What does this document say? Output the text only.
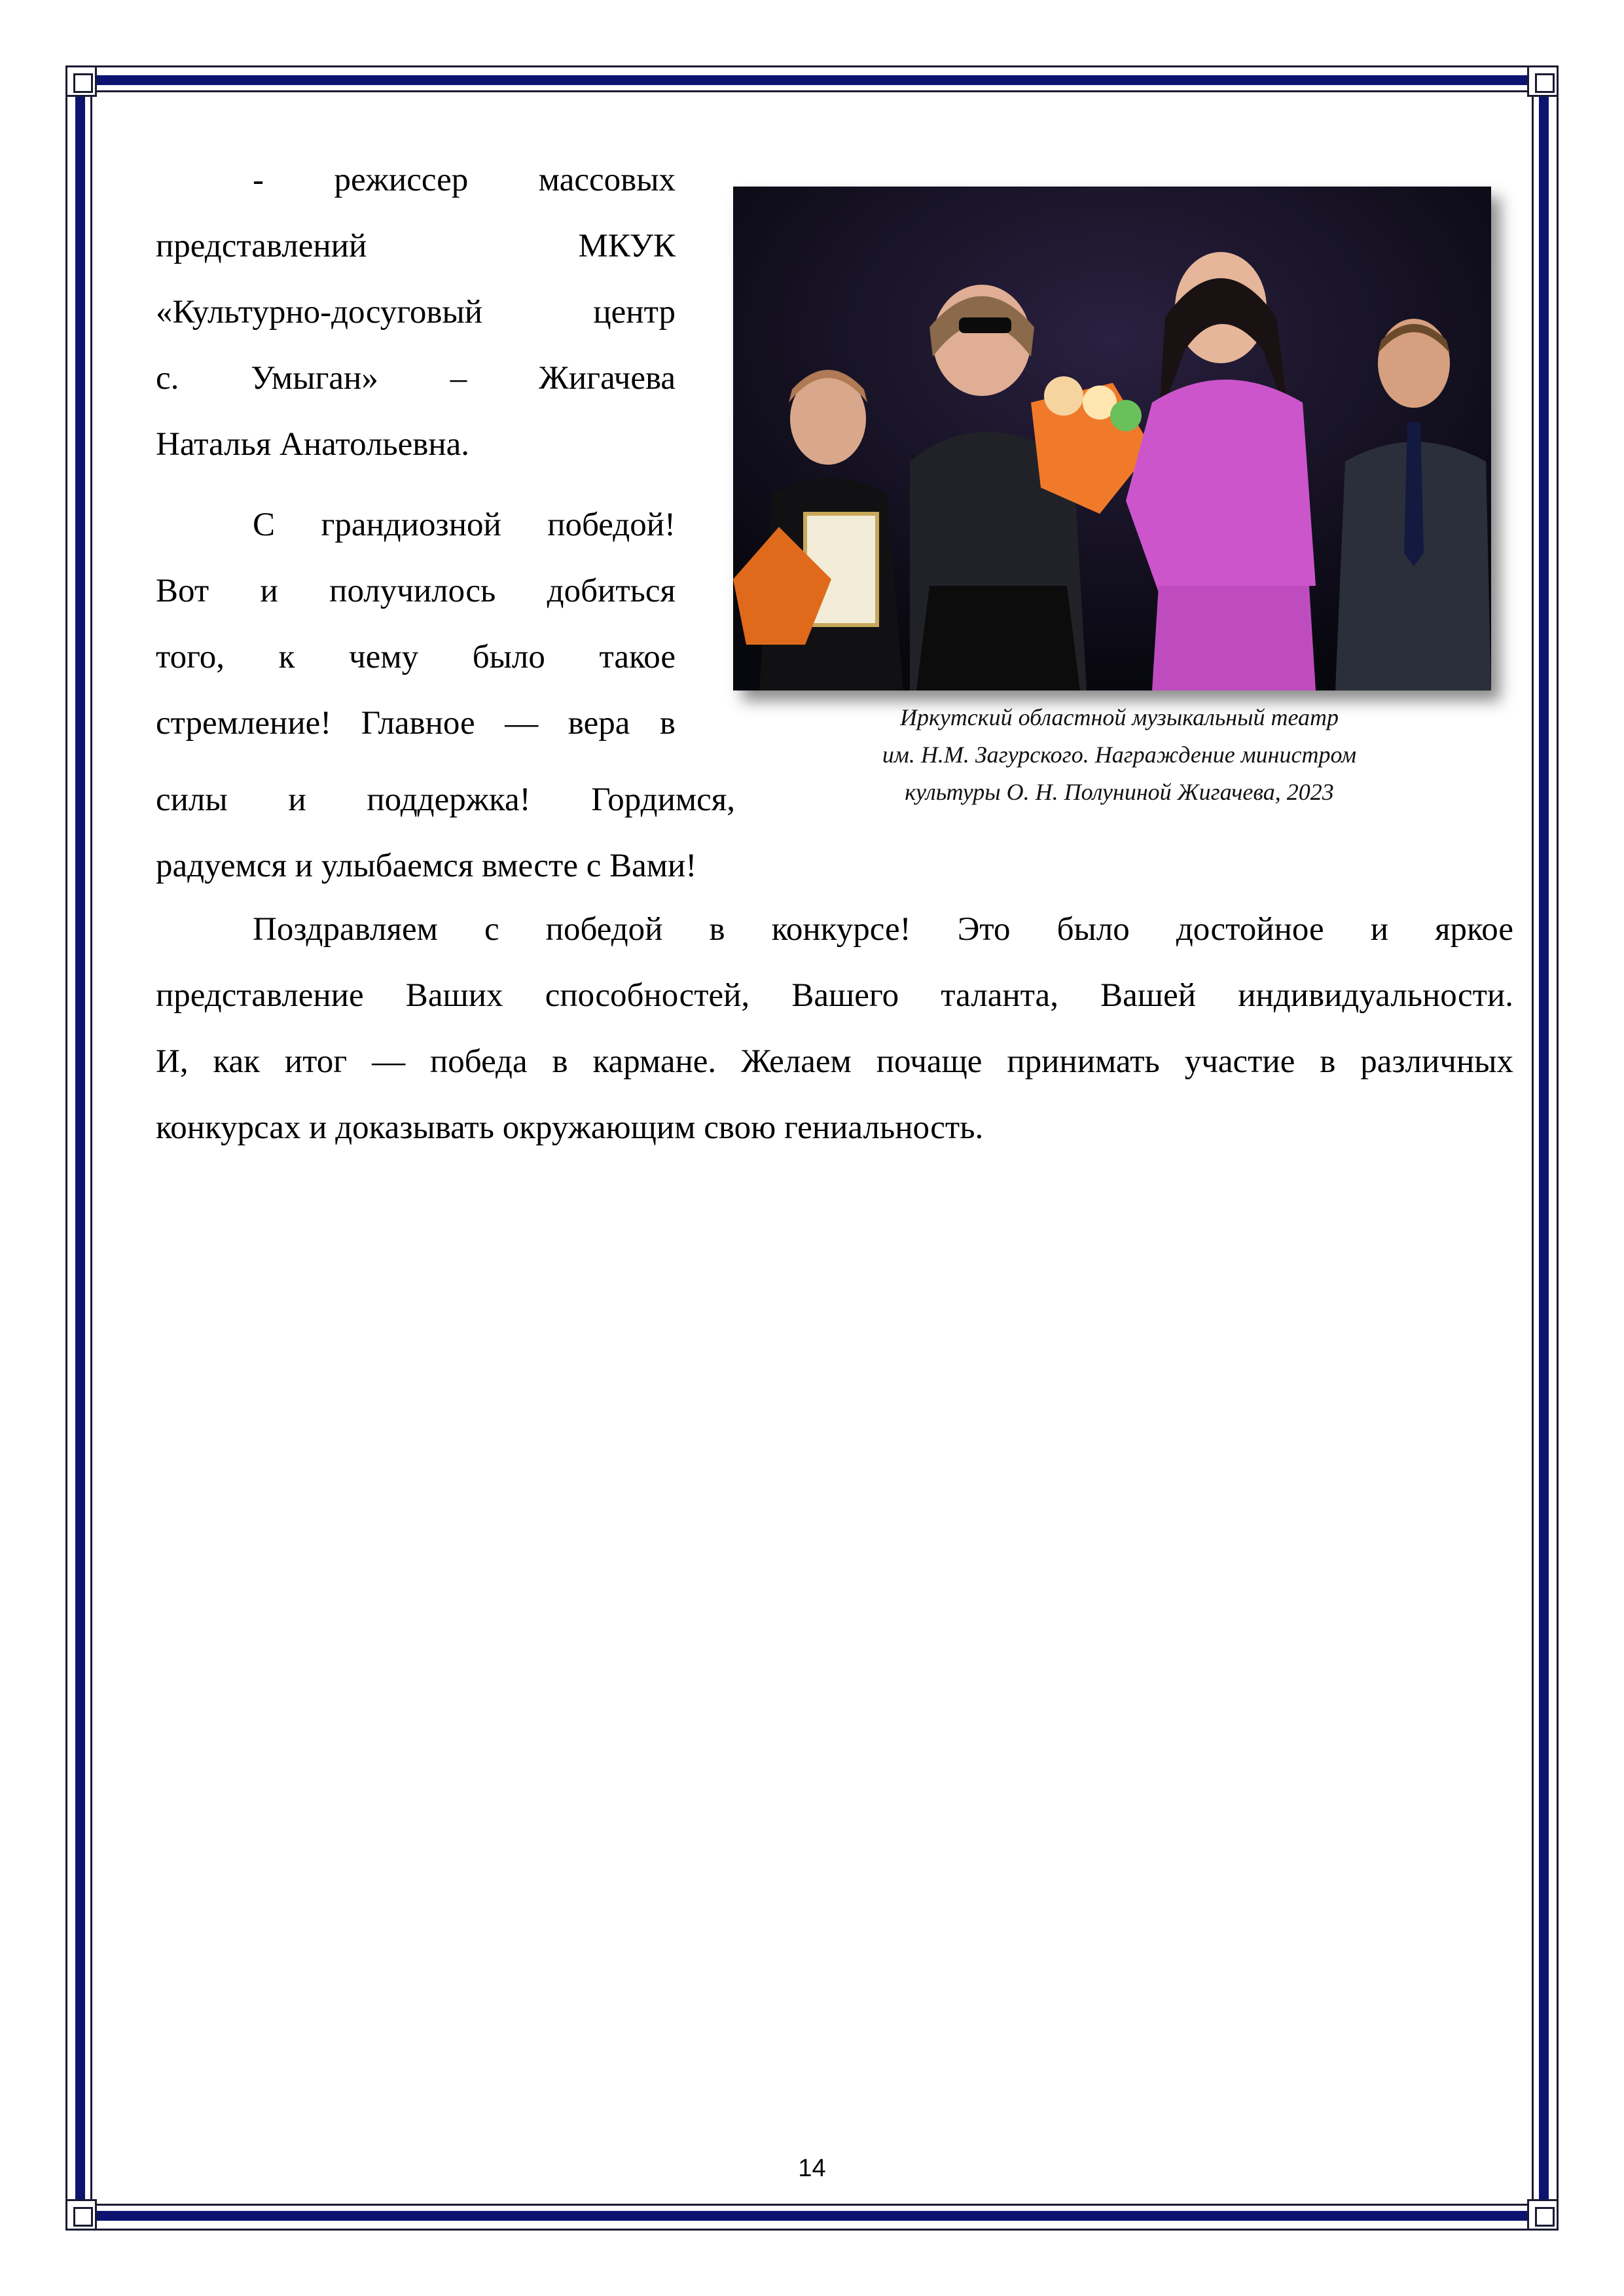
- режиссер массовых
представлений МКУК
«Культурно-досуговый центр
с. Умыган» – Жигачева
Наталья Анатольевна.
С грандиозной победой!
Вот и получилось добиться
того, к чему было такое
стремление! Главное — вера в
силы и поддержка! Гордимся,
радуемся и улыбаемся вместе с Вами!
Иркутский областной музыкальный театр
им. Н.М. Загурского. Награждение министром
культуры О. Н. Полуниной Жигачева, 2023
Поздравляем с победой в конкурсе! Это было достойное и яркое
представление Ваших способностей, Вашего таланта, Вашей индивидуальности.
И, как итог — победа в кармане. Желаем почаще принимать участие в различных
конкурсах и доказывать окружающим свою гениальность.
14
